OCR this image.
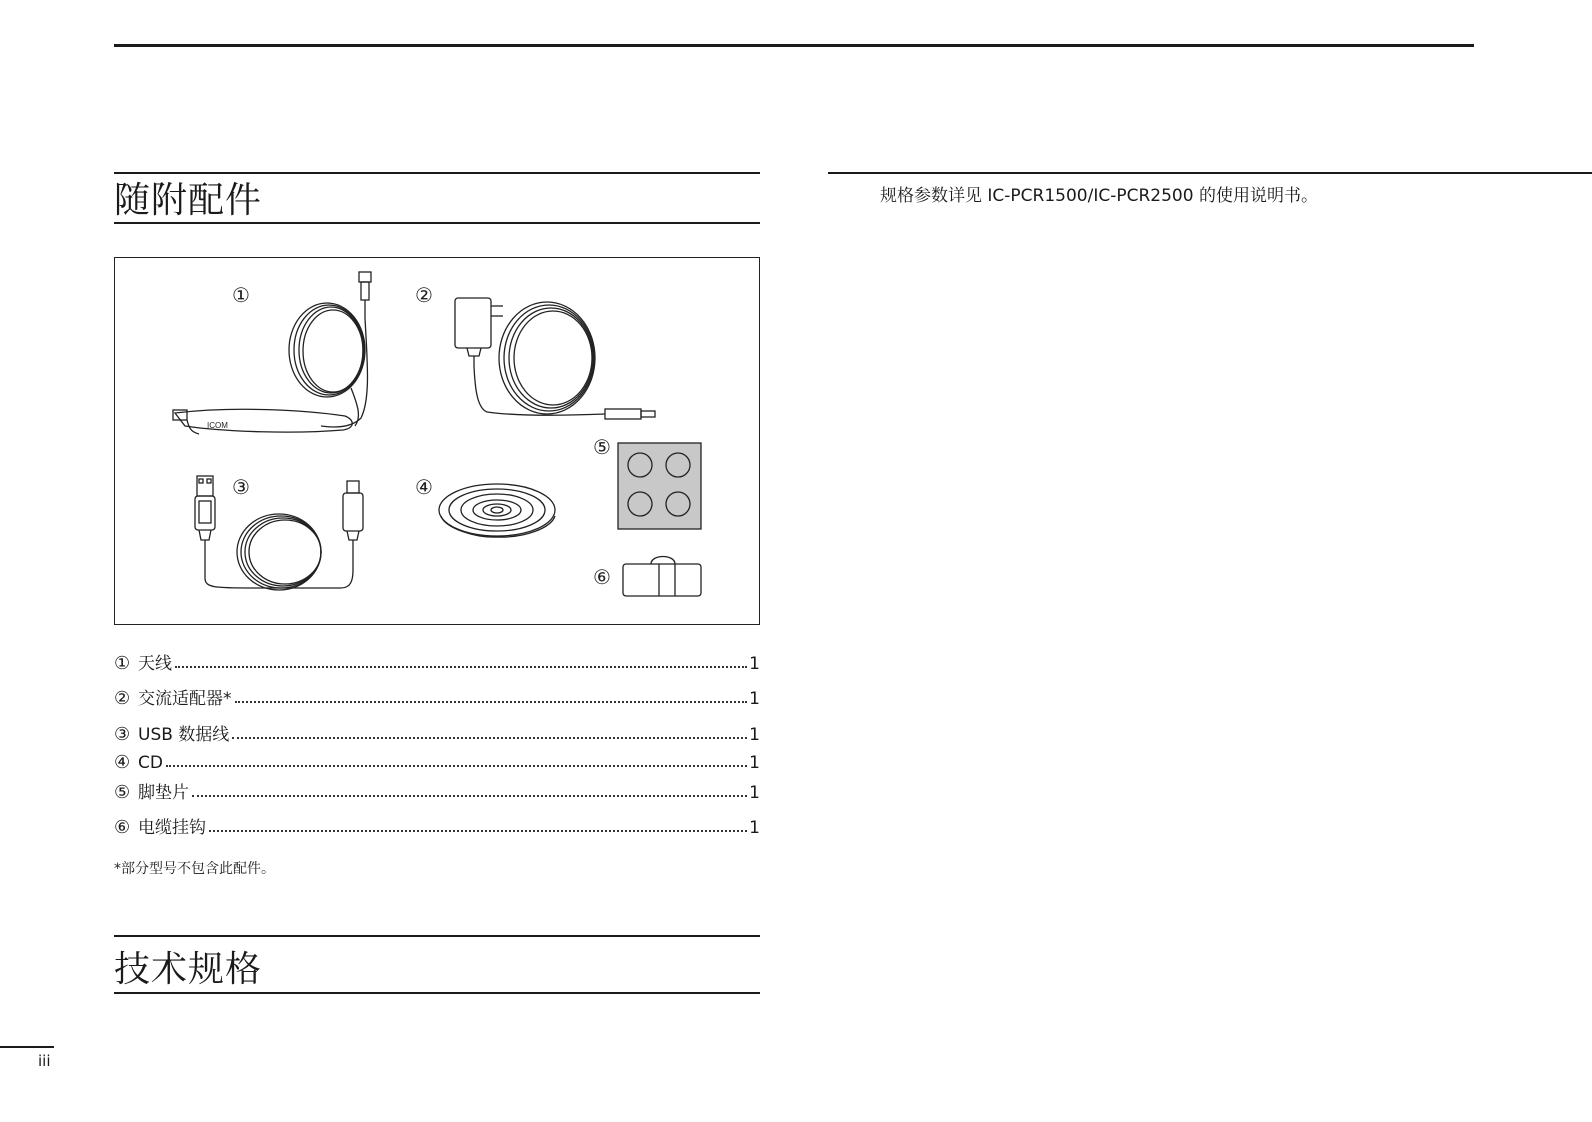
随附配件
技术规格
①	②
③	④
⑤
⑥
ICOM
① 天线	1
② 交流适配器*	1
③ USB 数据线	1
④ CD	1
⑤ 脚垫片	1
⑥ 电缆挂钩	1
*部分型号不包含此配件。
规格参数详见 IC-PCR1500/IC-PCR2500 的使用说明书。
iii
